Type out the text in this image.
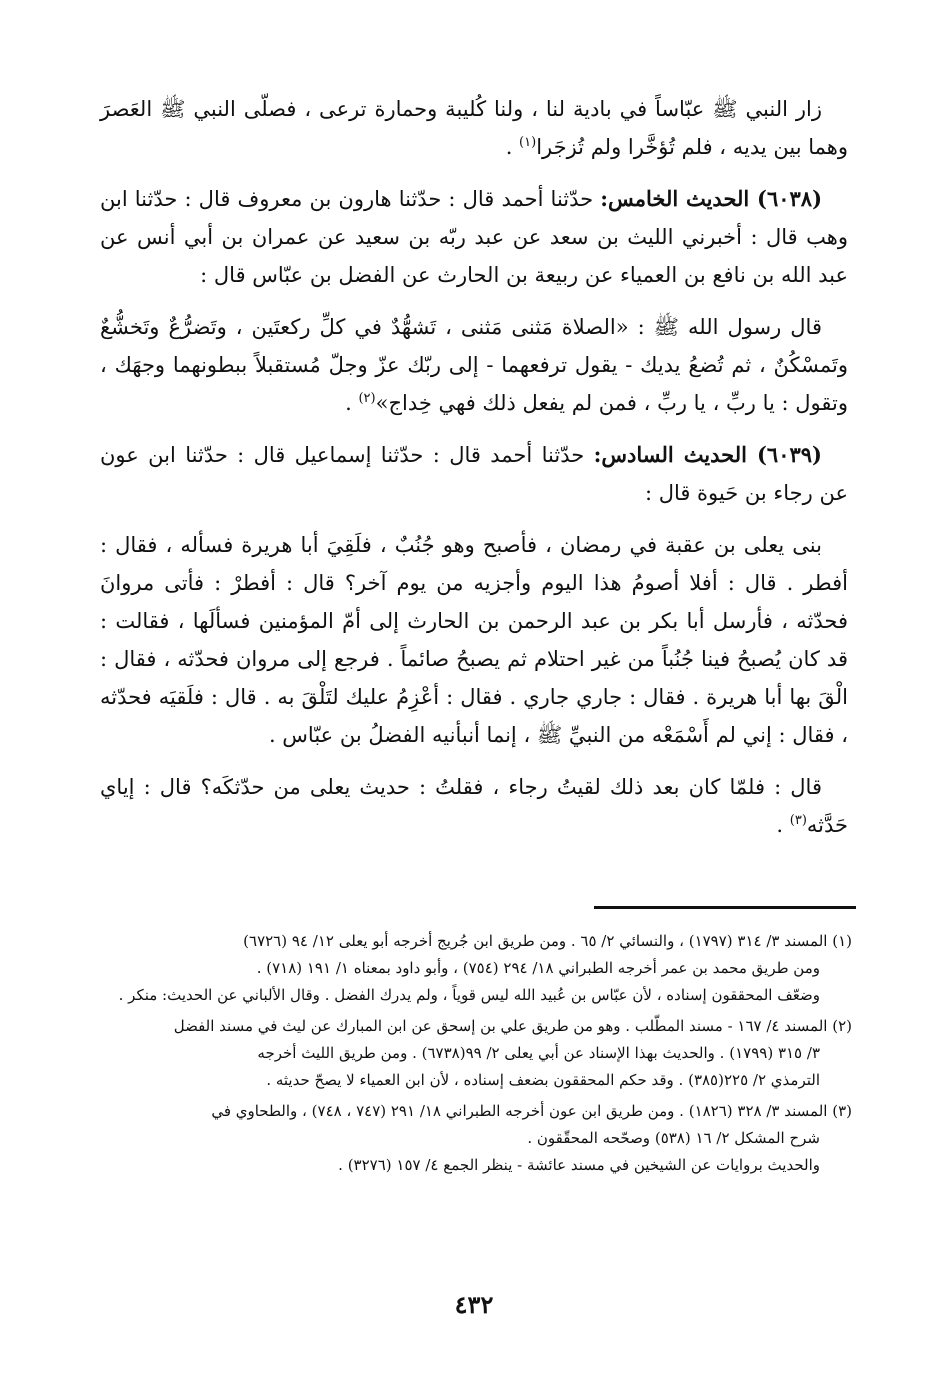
زار النبي ﷺ عبّاساً في بادية لنا ، ولنا كُليبة وحمارة ترعى ، فصلّى النبي ﷺ العَصرَ وهما بين يديه ، فلم تُؤخَّرا ولم تُزجَرا$^{(١)}$ .

(٦٠٣٨) الحديث الخامس: حدّثنا أحمد قال : حدّثنا هارون بن معروف قال : حدّثنا ابن وهب قال : أخبرني الليث بن سعد عن عبد ربّه بن سعيد عن عمران بن أبي أنس عن عبد الله بن نافع بن العمياء عن ربيعة بن الحارث عن الفضل بن عبّاس قال :

قال رسول الله ﷺ : «الصلاة مَثنى مَثنى ، تَشهُّدٌ في كلِّ ركعتَين ، وتَضرُّعٌ وتَخشُّعٌ وتَمسْكُنٌ ، ثم تُضعُ يديك - يقول ترفعهما - إلى ربّك عزّ وجلّ مُستقبلاً ببطونهما وجهَك ، وتقول : يا ربِّ ، يا ربِّ ، فمن لم يفعل ذلك فهي خِداج»$^{(٢)}$ .

(٦٠٣٩) الحديث السادس: حدّثنا أحمد قال : حدّثنا إسماعيل قال : حدّثنا ابن عون عن رجاء بن حَيوة قال :

بنى يعلى بن عقبة في رمضان ، فأصبح وهو جُنُبٌ ، فلَقِيَ أبا هريرة فسأله ، فقال : أفطر . قال : أفلا أصومُ هذا اليوم وأجزيه من يوم آخر؟ قال : أفطرْ : فأتى مروانَ فحدّثه ، فأرسل أبا بكر بن عبد الرحمن بن الحارث إلى أمّ المؤمنين فسألَها ، فقالت : قد كان يُصبحُ فينا جُنُباً من غير احتلام ثم يصبحُ صائماً . فرجع إلى مروان فحدّثه ، فقال : الْقَ بها أبا هريرة . فقال : جاري جاري . فقال : أعْزِمُ عليك لتَلْقَ به . قال : فلَقيَه فحدّثه ، فقال : إني لم أَسْمَعْه من النبيِّ ﷺ ، إنما أنبأنيه الفضلُ بن عبّاس .

قال : فلمّا كان بعد ذلك لقيتُ رجاء ، فقلتُ : حديث يعلى من حدّثكَه؟ قال : إياي حَدَّثه$^{(٣)}$ .

(١) المسند ٣/ ٣١٤ (١٧٩٧) ، والنسائي ٢/ ٦٥ . ومن طريق ابن جُريج أخرجه أبو يعلى ١٢/ ٩٤ (٦٧٢٦)
ومن طريق محمد بن عمر أخرجه الطبراني ١٨/ ٢٩٤ (٧٥٤) ، وأبو داود بمعناه ١/ ١٩١ (٧١٨) .
وضعّف المحققون إسناده ، لأن عبّاس بن عُبيد الله ليس قوياً ، ولم يدرك الفضل . وقال الألباني عن الحديث: منكر .

(٢) المسند ٤/ ١٦٧ - مسند المطّلب . وهو من طريق علي بن إسحق عن ابن المبارك عن ليث في مسند الفضل
٣/ ٣١٥ (١٧٩٩) . والحديث بهذا الإسناد عن أبي يعلى ٢/ ٩٩(٦٧٣٨) . ومن طريق الليث أخرجه
الترمذي ٢/ ٢٢٥(٣٨٥) . وقد حكم المحققون بضعف إسناده ، لأن ابن العمياء لا يصحّ حديثه .

(٣) المسند ٣/ ٣٢٨ (١٨٢٦) . ومن طريق ابن عون أخرجه الطبراني ١٨/ ٢٩١ (٧٤٧ ، ٧٤٨) ، والطحاوي في
شرح المشكل ٢/ ١٦ (٥٣٨) وصحّحه المحقّقون .
والحديث بروايات عن الشيخين في مسند عائشة - ينظر الجمع ٤/ ١٥٧ (٣٢٧٦) .

٤٣٢
